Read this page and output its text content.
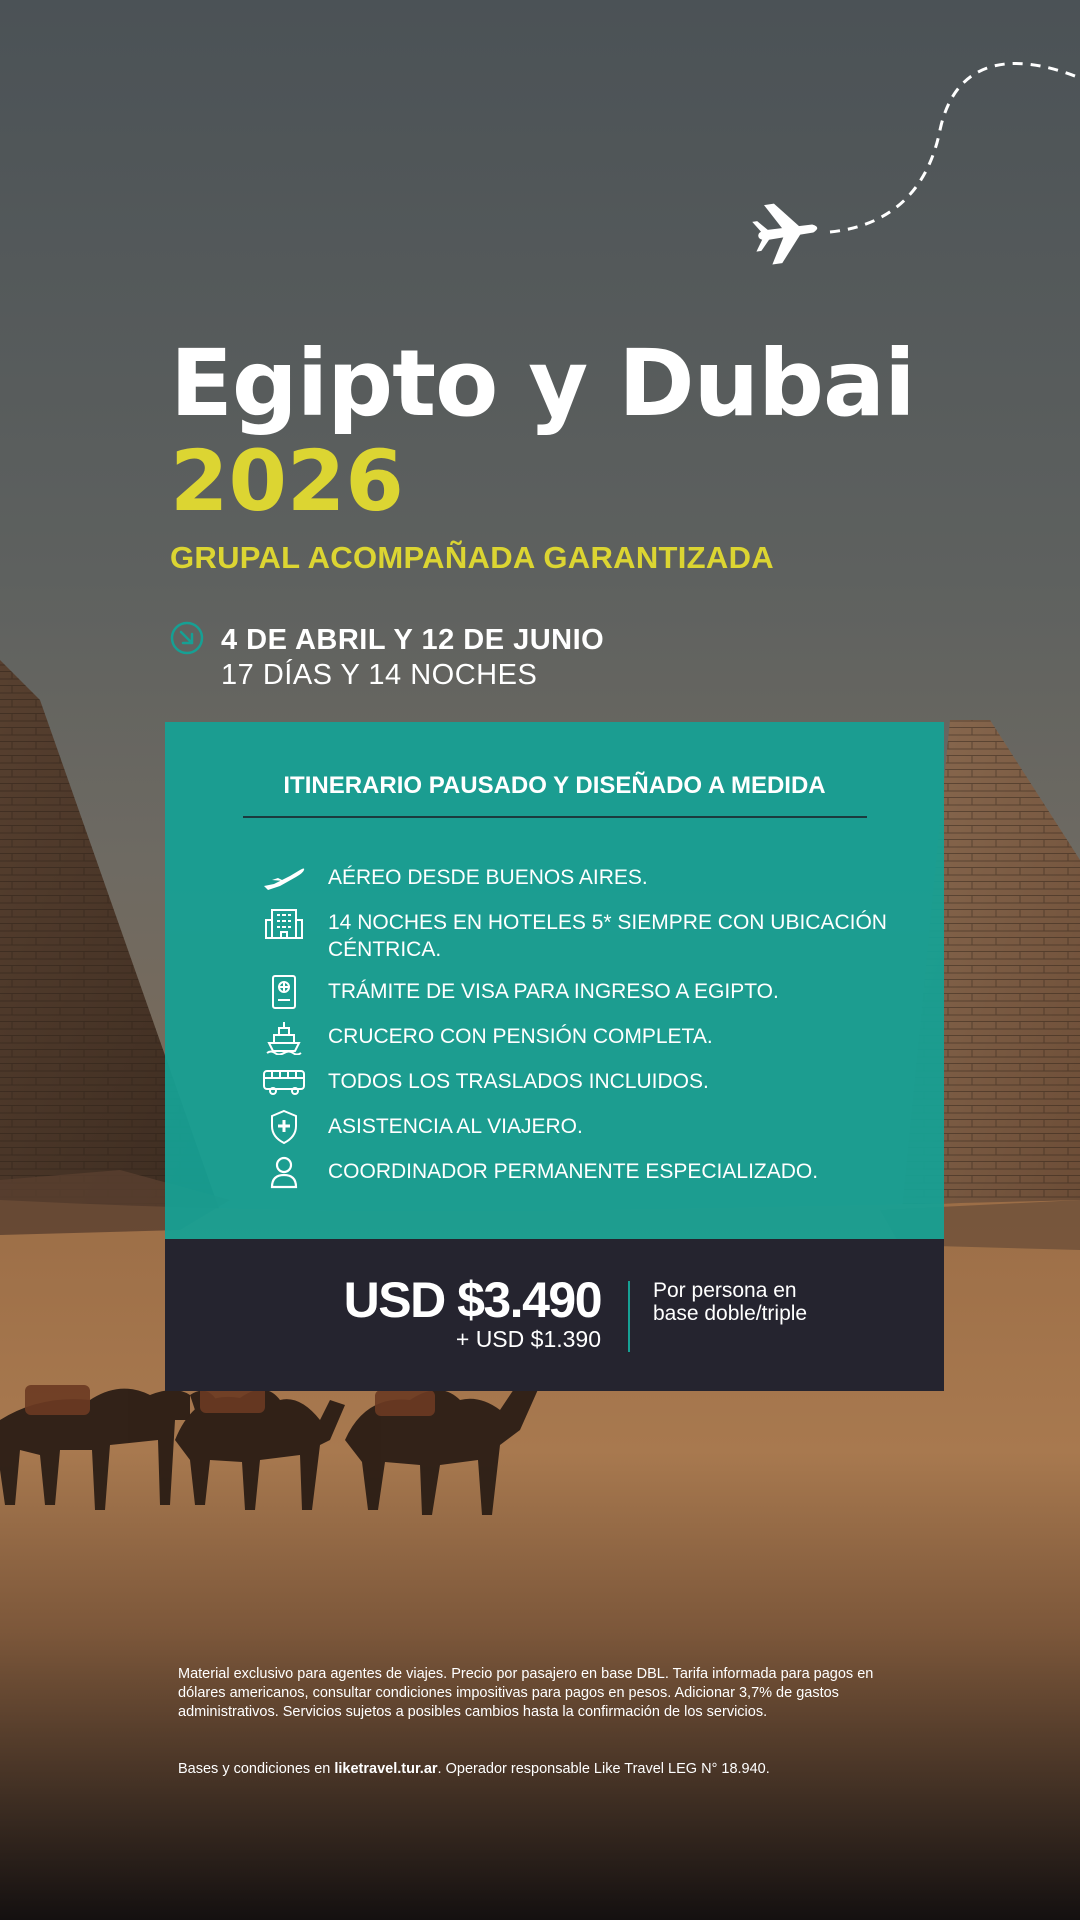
Egipto y Dubai
2026
GRUPAL ACOMPAÑADA GARANTIZADA
4 DE ABRIL Y 12 DE JUNIO
17 DÍAS Y 14 NOCHES
ITINERARIO PAUSADO Y DISEÑADO A MEDIDA
AÉREO DESDE BUENOS AIRES.
14 NOCHES EN HOTELES 5* SIEMPRE CON UBICACIÓN CÉNTRICA.
TRÁMITE DE VISA PARA INGRESO A EGIPTO.
CRUCERO CON PENSIÓN COMPLETA.
TODOS LOS TRASLADOS INCLUIDOS.
ASISTENCIA AL VIAJERO.
COORDINADOR PERMANENTE ESPECIALIZADO.
USD $3.490
+ USD $1.390
Por persona en base doble/triple
Material exclusivo para agentes de viajes. Precio por pasajero en base DBL. Tarifa informada para pagos en dólares americanos, consultar condiciones impositivas para pagos en pesos. Adicionar 3,7% de gastos administrativos. Servicios sujetos a posibles cambios hasta la confirmación de los servicios.
Bases y condiciones en liketravel.tur.ar. Operador responsable Like Travel LEG N° 18.940.
